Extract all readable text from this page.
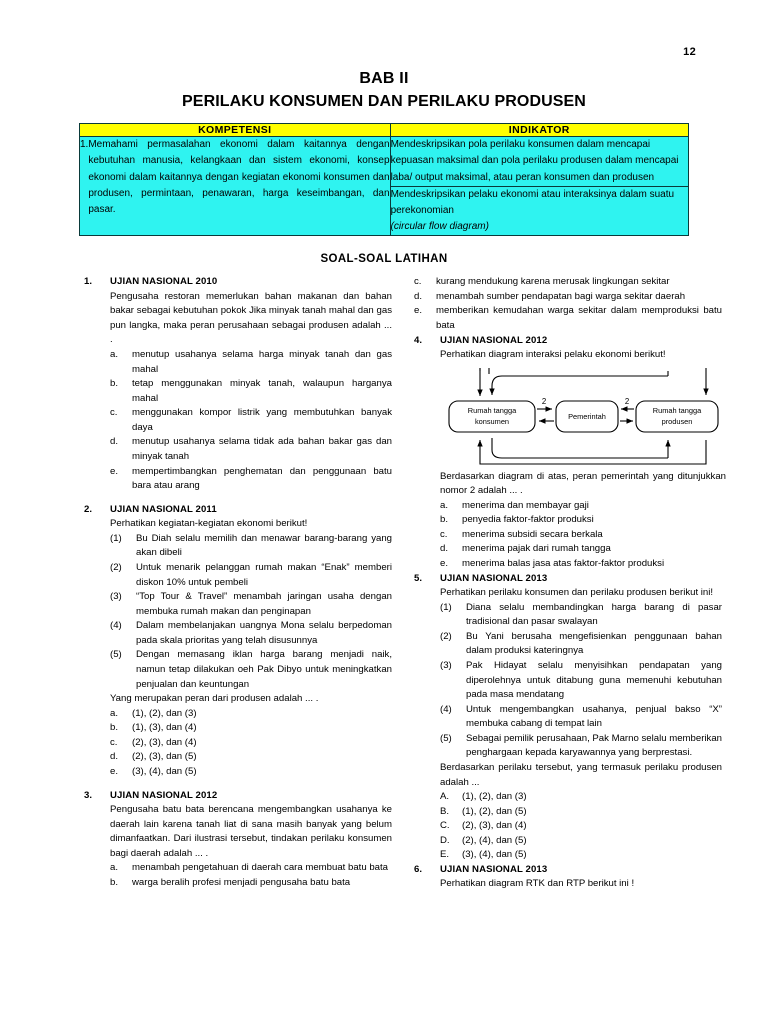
12
BAB II
PERILAKU KONSUMEN DAN PERILAKU PRODUSEN
KOMPETENSI	INDIKATOR

1. Memahami permasalahan ekonomi dalam kaitannya dengan kebutuhan manusia, kelangkaan dan sistem ekonomi, konsep ekonomi dalam kaitannya dengan kegiatan ekonomi konsumen dan produsen, permintaan, penawaran, harga keseimbangan, dan pasar.	Mendeskripsikan pola perilaku konsumen dalam mencapai kepuasan maksimal dan pola perilaku produsen dalam mencapai laba/ output maksimal, atau peran konsumen dan produsen
	Mendeskripsikan pelaku ekonomi atau interaksinya dalam suatu perekonomian
(circular flow diagram)
SOAL-SOAL LATIHAN
1.	UJIAN NASIONAL 2010
Pengusaha restoran memerlukan bahan makanan dan bahan bakar sebagai kebutuhan pokok Jika minyak tanah mahal dan gas pun langka, maka peran perusahaan sebagai produsen adalah ... .
a.	menutup usahanya selama harga minyak tanah dan gas mahal
b.	tetap menggunakan minyak tanah, walaupun harganya mahal
c.	menggunakan kompor listrik yang membutuhkan banyak daya
d.	menutup usahanya selama tidak ada bahan bakar gas dan minyak tanah
e.	mempertimbangkan penghematan dan penggunaan batu bara atau arang
2.	UJIAN NASIONAL 2011
Perhatikan kegiatan-kegiatan ekonomi berikut!
(1)	Bu Diah selalu memilih dan menawar barang-barang yang akan dibeli
(2)	Untuk menarik pelanggan rumah makan “Enak” memberi diskon 10% untuk pembeli
(3)	“Top Tour & Travel” menambah jaringan usaha dengan membuka rumah makan dan penginapan
(4)	Dalam membelanjakan uangnya Mona selalu berpedoman pada skala prioritas yang telah disusunnya
(5)	Dengan memasang iklan harga barang menjadi naik, namun tetap dilakukan oeh Pak Dibyo untuk meningkatkan penjualan dan keuntungan
Yang merupakan peran dari produsen adalah ... .
a.	(1), (2), dan (3)
b.	(1), (3), dan (4)
c.	(2), (3), dan (4)
d.	(2), (3), dan (5)
e.	(3), (4), dan (5)
3.	UJIAN NASIONAL 2012
Pengusaha batu bata berencana mengembangkan usahanya ke daerah lain karena tanah liat di sana masih banyak yang belum dimanfaatkan. Dari ilustrasi tersebut, tindakan perilaku konsumen bagi daerah adalah ... .
a.	menambah pengetahuan di daerah cara membuat batu bata
b.	warga beralih profesi menjadi pengusaha batu bata
c.	kurang mendukung karena merusak lingkungan sekitar
d.	menambah sumber pendapatan bagi warga sekitar daerah
e.	memberikan kemudahan warga sekitar dalam memproduksi batu bata
4.	UJIAN NASIONAL 2012
Perhatikan diagram interaksi pelaku ekonomi berikut!
Rumah tangga
konsumen
Pemerintah
Rumah tangga
produsen
2	2
Berdasarkan diagram di atas, peran pemerintah yang ditunjukkan nomor 2 adalah ... .
a.	menerima dan membayar gaji
b.	penyedia faktor-faktor produksi
c.	menerima subsidi secara berkala
d.	menerima pajak dari rumah tangga
e.	menerima balas jasa atas faktor-faktor produksi
5.	UJIAN NASIONAL 2013
Perhatikan perilaku konsumen dan perilaku produsen berikut ini!
(1)	Diana selalu membandingkan harga barang di pasar tradisional dan pasar swalayan
(2)	Bu Yani berusaha mengefisienkan penggunaan bahan dalam produksi kateringnya
(3)	Pak Hidayat selalu menyisihkan pendapatan yang diperolehnya untuk ditabung guna memenuhi kebutuhan pada masa mendatang
(4)	Untuk mengembangkan usahanya, penjual bakso “X” membuka cabang di tempat lain
(5)	Sebagai pemilik perusahaan, Pak Marno selalu memberikan penghargaan kepada karyawannya yang berprestasi.
Berdasarkan perilaku tersebut, yang termasuk perilaku produsen adalah ...
A.	(1), (2), dan (3)
B.	(1), (2), dan (5)
C.	(2), (3), dan (4)
D.	(2), (4), dan (5)
E.	(3), (4), dan (5)
6.	UJIAN NASIONAL 2013
Perhatikan diagram RTK dan RTP berikut ini !
